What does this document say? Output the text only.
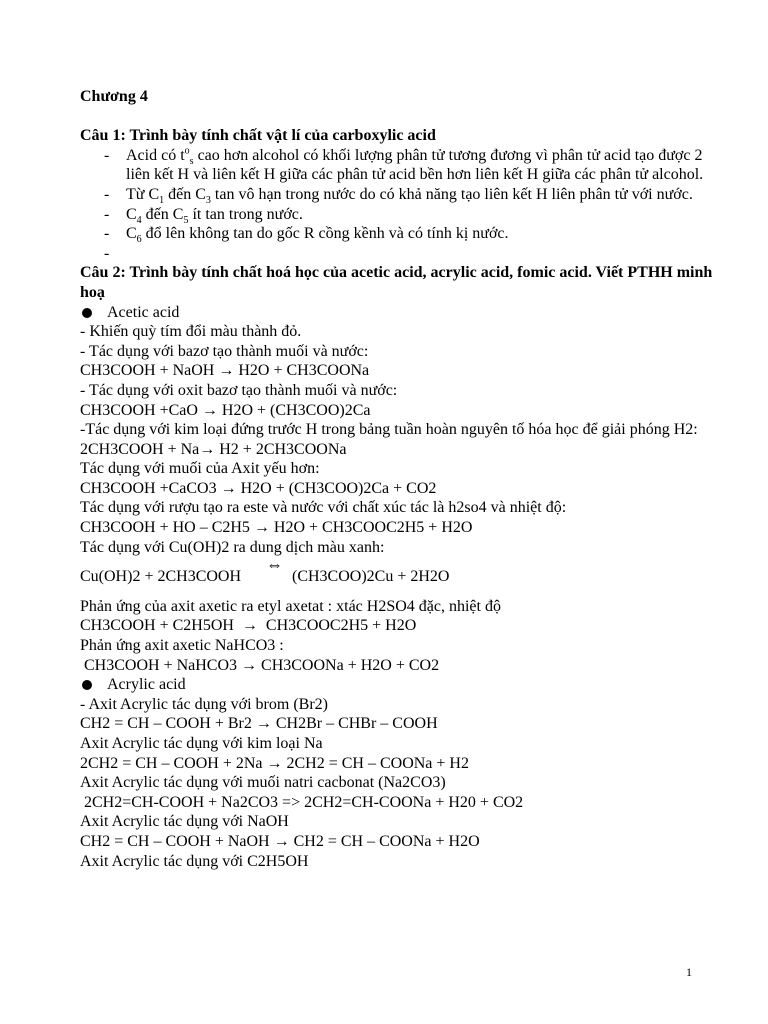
Chương 4

Câu 1: Trình bày tính chất vật lí của carboxylic acid

- Acid có $t^o_s$ cao hơn alcohol có khối lượng phân tử tương đương vì phân tử acid tạo được 2 liên kết H và liên kết H giữa các phân tử acid bền hơn liên kết H giữa các phân tử alcohol.
- Từ $C_1$ đến $C_3$ tan vô hạn trong nước do có khả năng tạo liên kết H liên phân tử với nước.
- $C_4$ đến $C_5$ ít tan trong nước.
- $C_6$ đổ lên không tan do gốc R cồng kềnh và có tính kị nước.
-

Câu 2: Trình bày tính chất hoá học của acetic acid, acrylic acid, fomic acid. Viết PTHH minh hoạ

Acetic acid

- Khiến quỳ tím đổi màu thành đỏ.

- Tác dụng với bazơ tạo thành muối và nước:

CH3COOH + NaOH → H2O + CH3COONa

- Tác dụng với oxit bazơ tạo thành muối và nước:

CH3COOH +CaO → H2O + (CH3COO)2Ca

-Tác dụng với kim loại đứng trước H trong bảng tuần hoàn nguyên tố hóa học để giải phóng H2:

2CH3COOH + Na→ H2 + 2CH3COONa

Tác dụng với muối của Axit yếu hơn:

CH3COOH +CaCO3 → H2O + (CH3COO)2Ca + CO2

Tác dụng với rượu tạo ra este và nước với chất xúc tác là h2so4 và nhiệt độ:

CH3COOH + HO – C2H5 → H2O + CH3COOC2H5 + H2O

Tác dụng với Cu(OH)2 ra dung dịch màu xanh:

Cu(OH)2 + 2CH3COOH
⇔
(CH3COO)2Cu + 2H2O

Phản ứng của axit axetic ra etyl axetat : xtác H2SO4 đặc, nhiệt độ

CH3COOH + C2H5OH  →  CH3COOC2H5 + H2O

Phản ứng axit axetic NaHCO3 :

CH3COOH + NaHCO3 → CH3COONa + H2O + CO2

Acrylic acid

- Axit Acrylic tác dụng với brom (Br2)

CH2 = CH – COOH + Br2 → CH2Br – CHBr – COOH

Axit Acrylic tác dụng với kim loại Na

2CH2 = CH – COOH + 2Na → 2CH2 = CH – COONa + H2

Axit Acrylic tác dụng với muối natri cacbonat (Na2CO3)

2CH2=CH-COOH + Na2CO3 => 2CH2=CH-COONa + H20 + CO2

Axit Acrylic tác dụng với NaOH

CH2 = CH – COOH + NaOH → CH2 = CH – COONa + H2O

Axit Acrylic tác dụng với C2H5OH

1
